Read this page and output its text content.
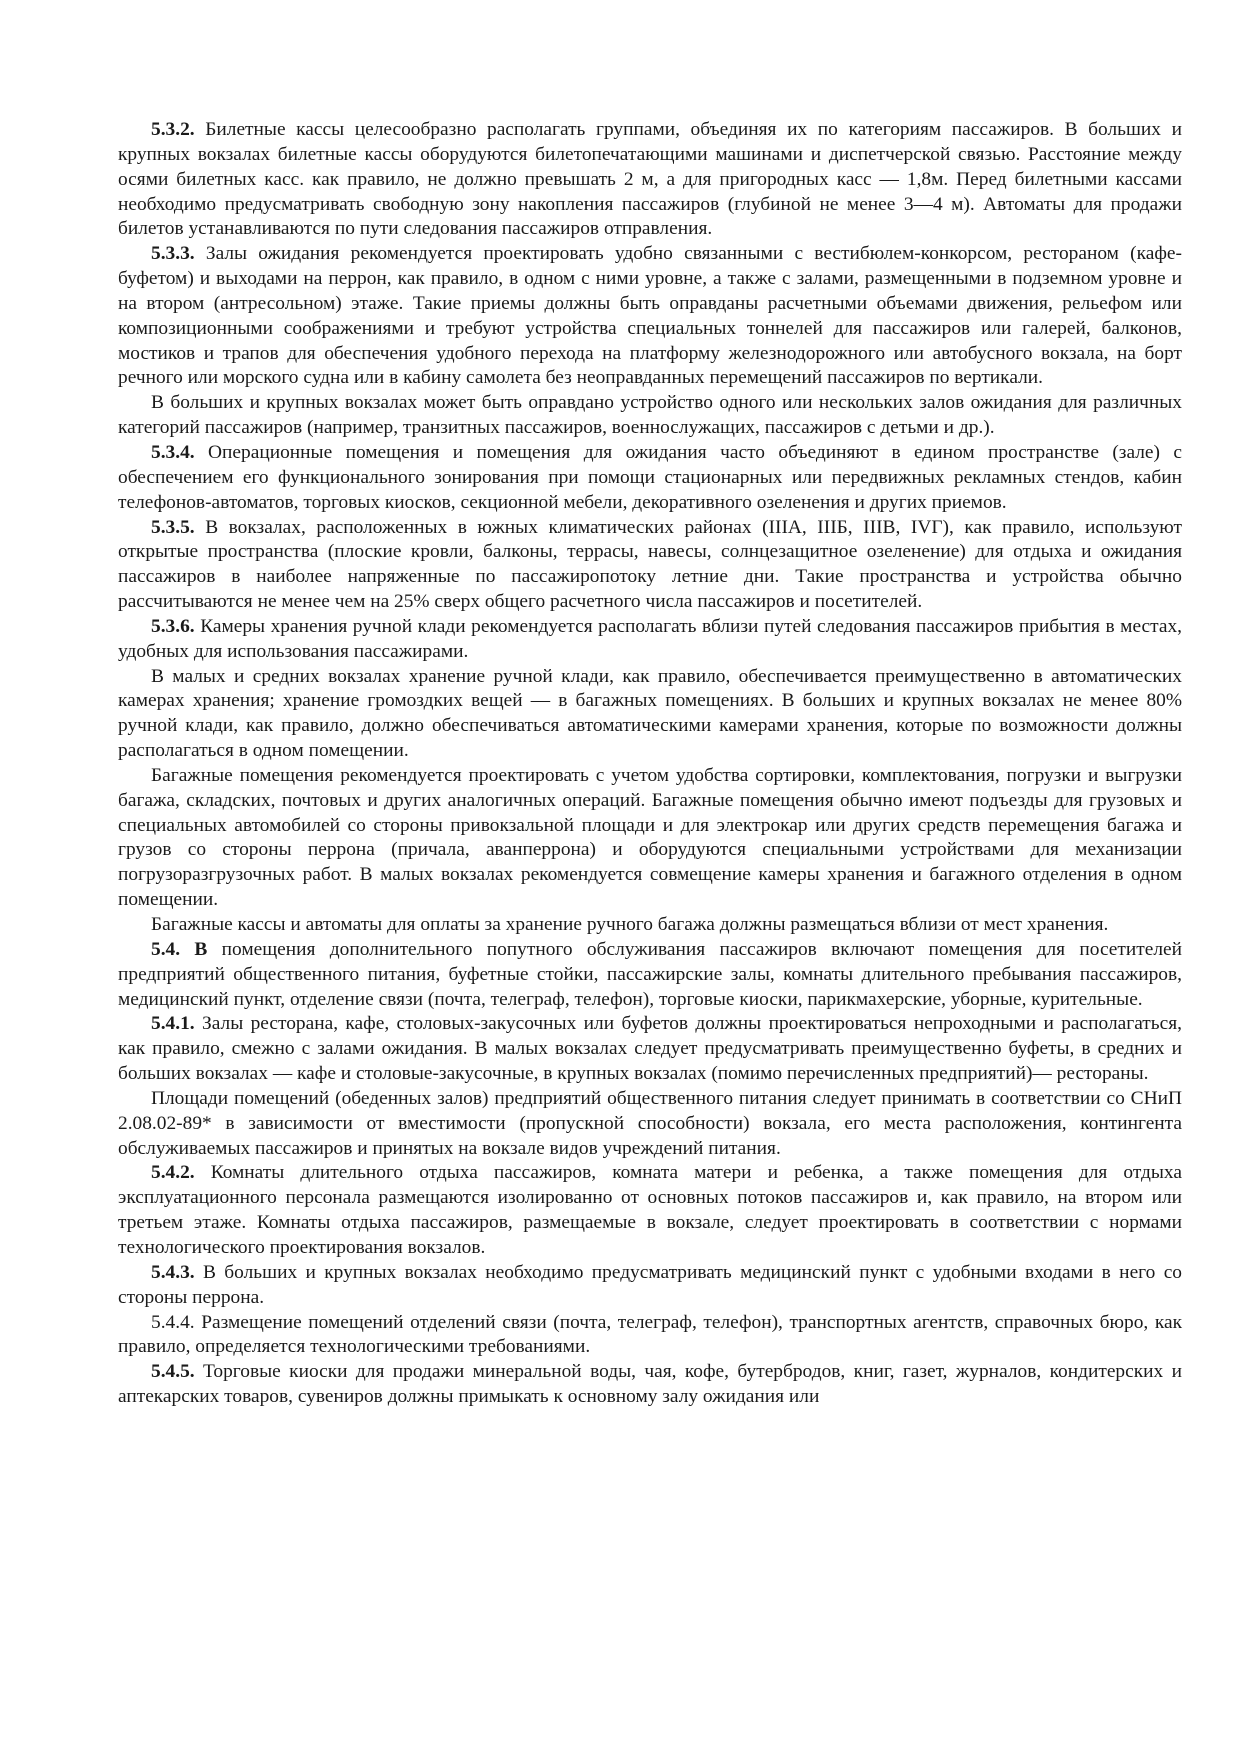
5.3.2. Билетные кассы целесообразно располагать группами, объединяя их по категориям пассажиров. В больших и крупных вокзалах билетные кассы оборудуются билетопечатающими машинами и диспетчерской связью. Расстояние между осями билетных касс. как правило, не должно превышать 2 м, а для пригородных касс — 1,8м. Перед билетными кассами необходимо предусматривать свободную зону накопления пассажиров (глубиной не менее 3—4 м). Автоматы для продажи билетов устанавливаются по пути следования пассажиров отправления.

5.3.3. Залы ожидания рекомендуется проектировать удобно связанными с вестибюлем-конкорсом, рестораном (кафе-буфетом) и выходами на перрон, как правило, в одном с ними уровне, а также с залами, размещенными в подземном уровне и на втором (антресольном) этаже. Такие приемы должны быть оправданы расчетными объемами движения, рельефом или композиционными соображениями и требуют устройства специальных тоннелей для пассажиров или галерей, балконов, мостиков и трапов для обеспечения удобного перехода на платформу железнодорожного или автобусного вокзала, на борт речного или морского судна или в кабину самолета без неоправданных перемещений пассажиров по вертикали.

В больших и крупных вокзалах может быть оправдано устройство одного или нескольких залов ожидания для различных категорий пассажиров (например, транзитных пассажиров, военнослужащих, пассажиров с детьми и др.).

5.3.4. Операционные помещения и помещения для ожидания часто объединяют в едином пространстве (зале) с обеспечением его функционального зонирования при помощи стационарных или передвижных рекламных стендов, кабин телефонов-автоматов, торговых киосков, секционной мебели, декоративного озеленения и других приемов.

5.3.5. В вокзалах, расположенных в южных климатических районах (IIIА, IIIБ, IIIВ, IVГ), как правило, используют открытые пространства (плоские кровли, балконы, террасы, навесы, солнцезащитное озеленение) для отдыха и ожидания пассажиров в наиболее напряженные по пассажиропотоку летние дни. Такие пространства и устройства обычно рассчитываются не менее чем на 25% сверх общего расчетного числа пассажиров и посетителей.

5.3.6. Камеры хранения ручной клади рекомендуется располагать вблизи путей следования пассажиров прибытия в местах, удобных для использования пассажирами.

В малых и средних вокзалах хранение ручной клади, как правило, обеспечивается преимущественно в автоматических камерах хранения; хранение громоздких вещей — в багажных помещениях. В больших и крупных вокзалах не менее 80% ручной клади, как правило, должно обеспечиваться автоматическими камерами хранения, которые по возможности должны располагаться в одном помещении.

Багажные помещения рекомендуется проектировать с учетом удобства сортировки, комплектования, погрузки и выгрузки багажа, складских, почтовых и других аналогичных операций. Багажные помещения обычно имеют подъезды для грузовых и специальных автомобилей со стороны привокзальной площади и для электрокар или других средств перемещения багажа и грузов со стороны перрона (причала, аванперрона) и оборудуются специальными устройствами для механизации погрузоразгрузочных работ. В малых вокзалах рекомендуется совмещение камеры хранения и багажного отделения в одном помещении.

Багажные кассы и автоматы для оплаты за хранение ручного багажа должны размещаться вблизи от мест хранения.

5.4. В помещения дополнительного попутного обслуживания пассажиров включают помещения для посетителей предприятий общественного питания, буфетные стойки, пассажирские залы, комнаты длительного пребывания пассажиров, медицинский пункт, отделение связи (почта, телеграф, телефон), торговые киоски, парикмахерские, уборные, курительные.

5.4.1. Залы ресторана, кафе, столовых-закусочных или буфетов должны проектироваться непроходными и располагаться, как правило, смежно с залами ожидания. В малых вокзалах следует предусматривать преимущественно буфеты, в средних и больших вокзалах — кафе и столовые-закусочные, в крупных вокзалах (помимо перечисленных предприятий)— рестораны.

Площади помещений (обеденных залов) предприятий общественного питания следует принимать в соответствии со СНиП 2.08.02-89* в зависимости от вместимости (пропускной способности) вокзала, его места расположения, контингента обслуживаемых пассажиров и принятых на вокзале видов учреждений питания.

5.4.2. Комнаты длительного отдыха пассажиров, комната матери и ребенка, а также помещения для отдыха эксплуатационного персонала размещаются изолированно от основных потоков пассажиров и, как правило, на втором или третьем этаже. Комнаты отдыха пассажиров, размещаемые в вокзале, следует проектировать в соответствии с нормами технологического проектирования вокзалов.

5.4.3. В больших и крупных вокзалах необходимо предусматривать медицинский пункт с удобными входами в него со стороны перрона.

5.4.4. Размещение помещений отделений связи (почта, телеграф, телефон), транспортных агентств, справочных бюро, как правило, определяется технологическими требованиями.

5.4.5. Торговые киоски для продажи минеральной воды, чая, кофе, бутербродов, книг, газет, журналов, кондитерских и аптекарских товаров, сувениров должны примыкать к основному залу ожидания или
